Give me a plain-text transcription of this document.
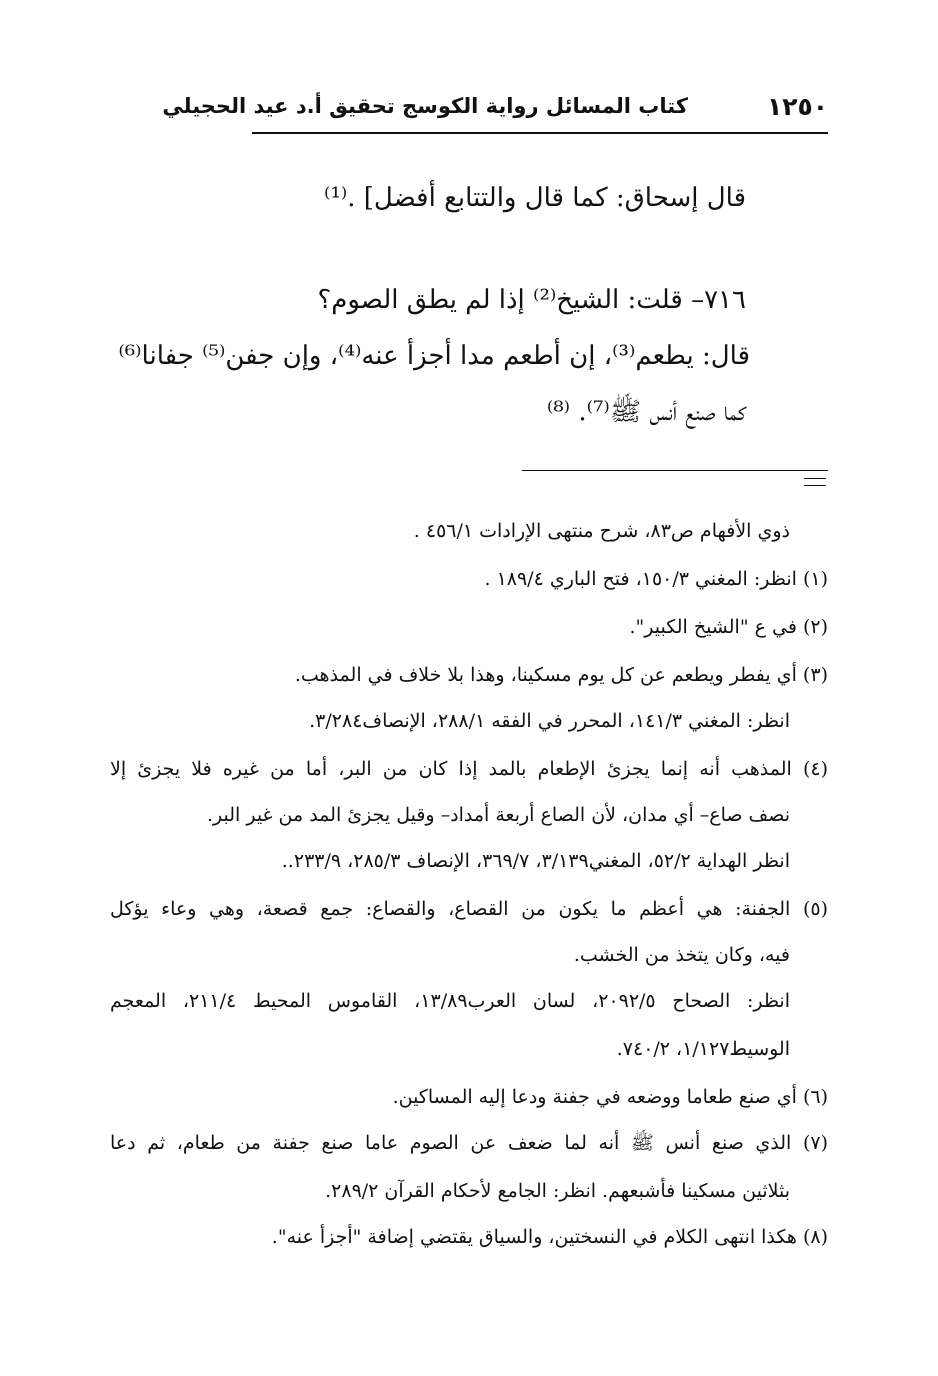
١٢٥٠
كتاب المسائل رواية الكوسج تحقيق أ.د عيد الحجيلي
قال إسحاق: كما قال والتتابع أفضل] .⁽¹⁾
٧١٦– قلت: الشيخ⁽²⁾ إذا لم يطق الصوم؟
قال: يطعم⁽³⁾، إن أطعم مدا أجزأ عنه⁽⁴⁾، وإن جفن⁽⁵⁾ جفانا⁽⁶⁾
كما صنع أنس ﷺ⁽⁷⁾. ⁽⁸⁾
ذوي الأفهام ص٨٣، شرح منتهى الإرادات ٤٥٦/١ .
(١) انظر: المغني ١٥٠/٣، فتح الباري ١٨٩/٤ .
(٢) في ع "الشيخ الكبير".
(٣) أي يفطر ويطعم عن كل يوم مسكينا، وهذا بلا خلاف في المذهب.
انظر: المغني ١٤١/٣، المحرر في الفقه ٢٨٨/١، الإنصاف٣/٢٨٤.
(٤) المذهب أنه إنما يجزئ الإطعام بالمد إذا كان من البر، أما من غيره فلا يجزئ إلا
نصف صاع– أي مدان، لأن الصاع أربعة أمداد– وقيل يجزئ المد من غير البر.
انظر الهداية ٥٢/٢، المغني٣/١٣٩، ٣٦٩/٧، الإنصاف ٢٨٥/٣، ٢٣٣/٩..
(٥) الجفنة: هي أعظم ما يكون من القصاع، والقصاع: جمع قصعة، وهي وعاء يؤكل
فيه، وكان يتخذ من الخشب.
انظر: الصحاح ٢٠٩٢/٥، لسان العرب١٣/٨٩، القاموس المحيط ٢١١/٤، المعجم
الوسيط١/١٢٧، ٧٤٠/٢.
(٦) أي صنع طعاما ووضعه في جفنة ودعا إليه المساكين.
(٧) الذي صنع أنس ﷺ أنه لما ضعف عن الصوم عاما صنع جفنة من طعام، ثم دعا
بثلاثين مسكينا فأشبعهم. انظر: الجامع لأحكام القرآن ٢٨٩/٢.
(٨) هكذا انتهى الكلام في النسختين، والسياق يقتضي إضافة "أجزأ عنه".
